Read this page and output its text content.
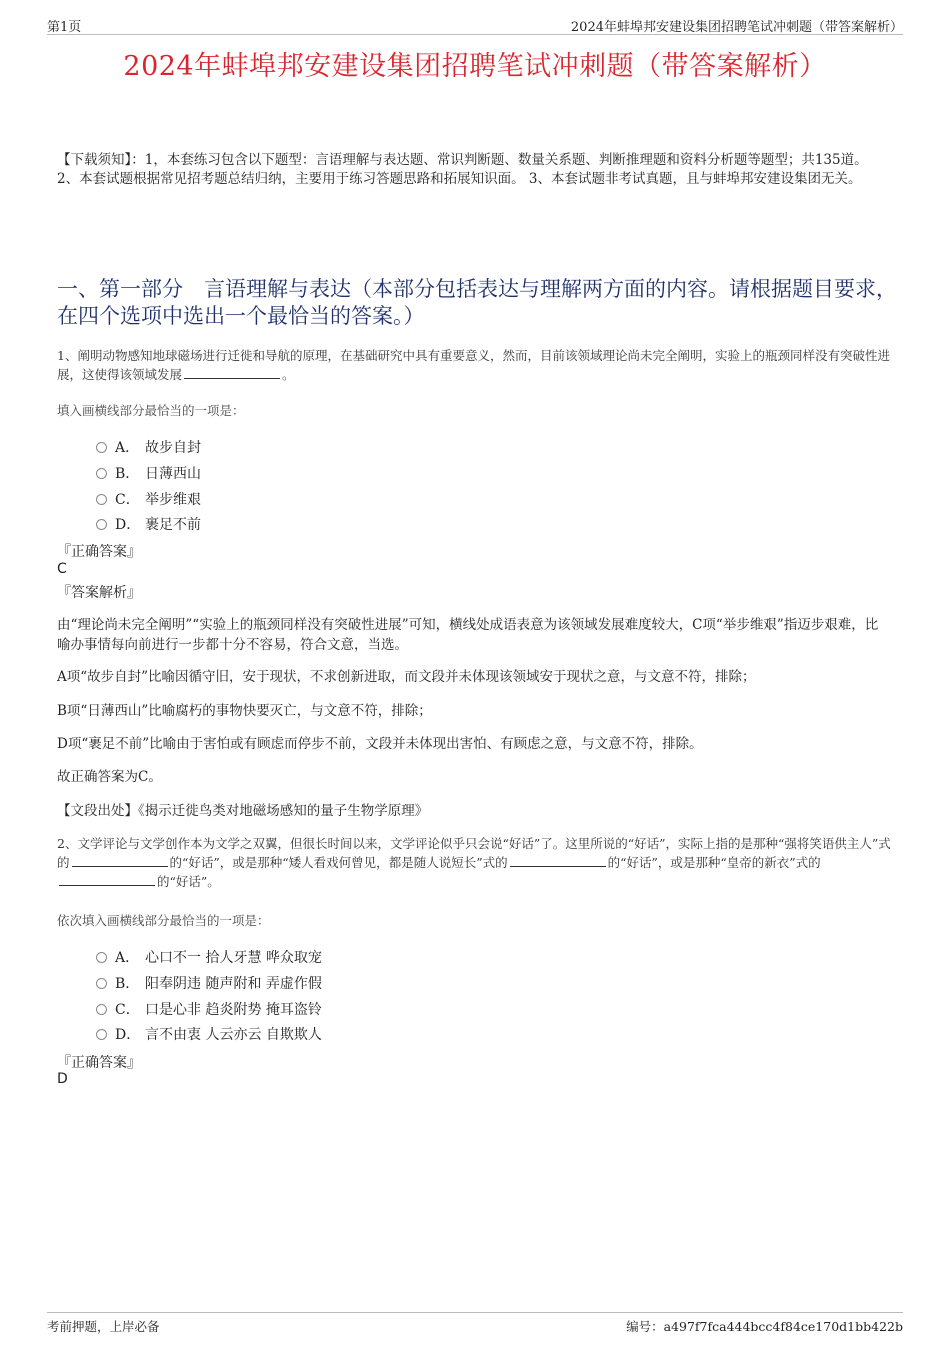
第1页	2024年蚌埠邦安建设集团招聘笔试冲刺题（带答案解析）
2024年蚌埠邦安建设集团招聘笔试冲刺题（带答案解析）
【下载须知】：1，本套练习包含以下题型：言语理解与表达题、常识判断题、数量关系题、判断推理题和资料分析题等题型；共135道。 2、本套试题根据常见招考题总结归纳，主要用于练习答题思路和拓展知识面。 3、本套试题非考试真题，且与蚌埠邦安建设集团无关。
一、第一部分　言语理解与表达（本部分包括表达与理解两方面的内容。请根据题目要求，在四个选项中选出一个最恰当的答案。）
1、阐明动物感知地球磁场进行迁徙和导航的原理，在基础研究中具有重要意义，然而，目前该领域理论尚未完全阐明，实验上的瓶颈同样没有突破性进展，这使得该领域发展	。
填入画横线部分最恰当的一项是：
A． 故步自封
B． 日薄西山
C． 举步维艰
D． 裹足不前
『正确答案』
C
『答案解析』
由“理论尚未完全阐明”“实验上的瓶颈同样没有突破性进展”可知，横线处成语表意为该领域发展难度较大，C项“举步维艰”指迈步艰难，比喻办事情每向前进行一步都十分不容易，符合文意，当选。
A项“故步自封”比喻因循守旧，安于现状，不求创新进取，而文段并未体现该领域安于现状之意，与文意不符，排除；
B项“日薄西山”比喻腐朽的事物快要灭亡，与文意不符，排除；
D项“裹足不前”比喻由于害怕或有顾虑而停步不前，文段并未体现出害怕、有顾虑之意，与文意不符，排除。
故正确答案为C。
【文段出处】《揭示迁徙鸟类对地磁场感知的量子生物学原理》
2、文学评论与文学创作本为文学之双翼，但很长时间以来，文学评论似乎只会说“好话”了。这里所说的“好话”，实际上指的是那种“强将笑语供主人”式的	的“好话”，或是那种“矮人看戏何曾见，都是随人说短长”式的	的“好话”，或是那种“皇帝的新衣”式的的“好话”。
依次填入画横线部分最恰当的一项是：
A． 心口不一 拾人牙慧 哗众取宠
B． 阳奉阴违 随声附和 弄虚作假
C． 口是心非 趋炎附势 掩耳盗铃
D． 言不由衷 人云亦云 自欺欺人
『正确答案』
D
考前押题，上岸必备	编号：a497f7fca444bcc4f84ce170d1bb422b
